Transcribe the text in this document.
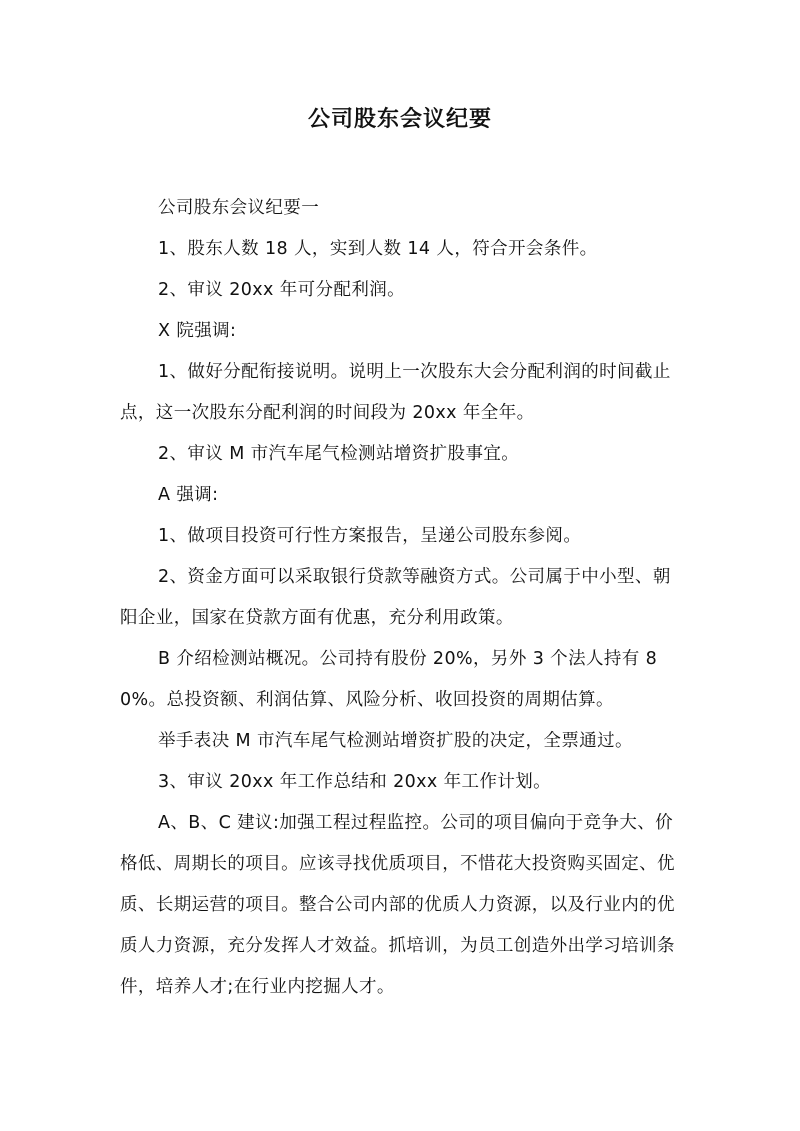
公司股东会议纪要

公司股东会议纪要一

1、股东人数 18 人，实到人数 14 人，符合开会条件。

2、审议 20xx 年可分配利润。

X 院强调:

1、做好分配衔接说明。说明上一次股东大会分配利润的时间截止点，这一次股东分配利润的时间段为 20xx 年全年。

2、审议 M 市汽车尾气检测站增资扩股事宜。

A 强调:

1、做项目投资可行性方案报告，呈递公司股东参阅。

2、资金方面可以采取银行贷款等融资方式。公司属于中小型、朝阳企业，国家在贷款方面有优惠，充分利用政策。

B 介绍检测站概况。公司持有股份 20%，另外 3 个法人持有 80%。总投资额、利润估算、风险分析、收回投资的周期估算。

举手表决 M 市汽车尾气检测站增资扩股的决定，全票通过。

3、审议 20xx 年工作总结和 20xx 年工作计划。

A、B、C 建议:加强工程过程监控。公司的项目偏向于竞争大、价格低、周期长的项目。应该寻找优质项目，不惜花大投资购买固定、优质、长期运营的项目。整合公司内部的优质人力资源，以及行业内的优质人力资源，充分发挥人才效益。抓培训，为员工创造外出学习培训条件，培养人才;在行业内挖掘人才。
